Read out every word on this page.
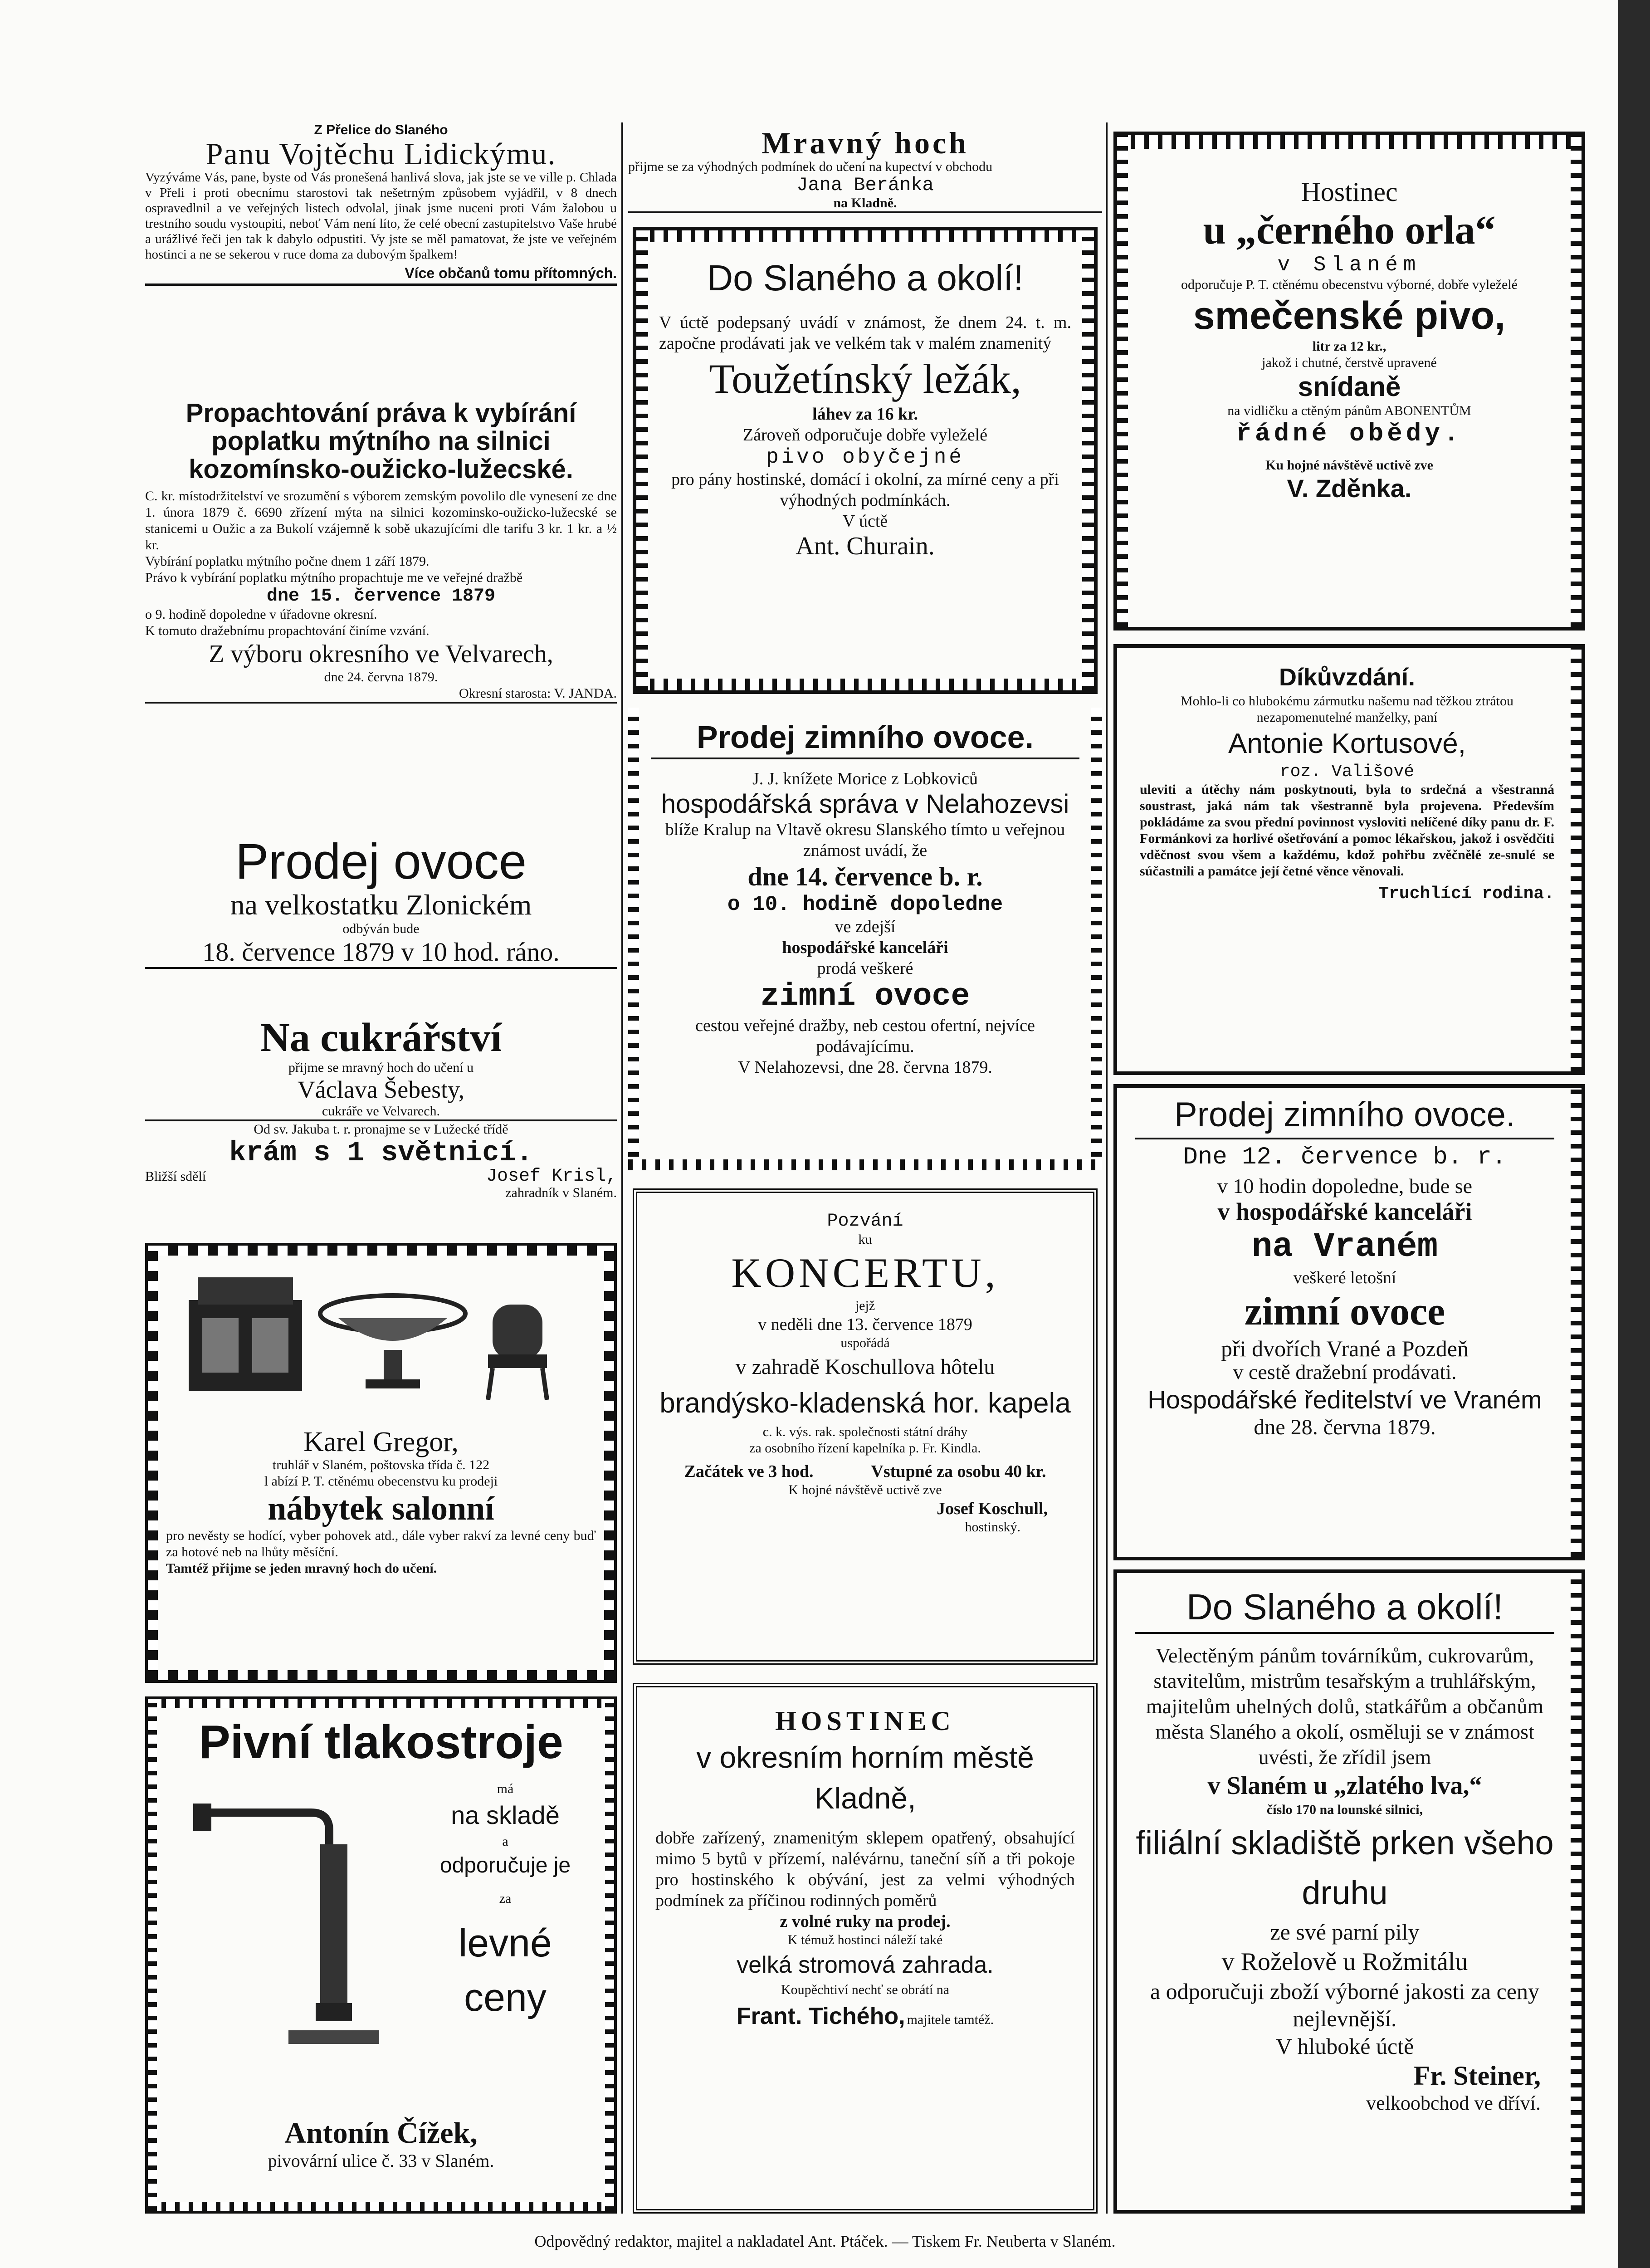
Z Přelice do Slaného
Panu Vojtěchu Lidickýmu.
Vyzýváme Vás, pane, byste od Vás pronešená hanlivá slova, jak jste se ve ville p. Chlada v Přeli i proti obecnímu starostovi tak nešetrným způsobem vyjádřil, v 8 dnech ospravedlnil a ve veřejných listech odvolal, jinak jsme nuceni proti Vám žalobou u trestního soudu vystoupiti, neboť Vám není líto, že celé obecní zastupitelstvo Vaše hrubé a urážlivé řeči jen tak k dabylo odpustiti. Vy jste se měl pamatovat, že jste ve veřejném hostinci a ne se sekerou v ruce doma za dubovým špalkem!
Více občanů tomu přítomných.
Propachtování práva k vybírání poplatku mýtního na silnici kozomínsko-oužicko-lužecské.
C. kr. místodržitelství ve srozumění s výborem zemským povolilo dle vynesení ze dne 1. února 1879 č. 6690 zřízení mýta na silnici kozominsko-oužicko-lužecské se stanicemi u Oužic a za Bukolí vzájemně k sobě ukazujícími dle tarifu 3 kr. 1 kr. a ½ kr.
Vybírání poplatku mýtního počne dnem 1 září 1879.
Právo k vybírání poplatku mýtního propachtuje me ve veřejné dražbě
dne 15. července 1879
o 9. hodině dopoledne v úřadovne okresní.
K tomuto dražebnímu propachtování činíme vzvání.
Z výboru okresního ve Velvarech,
dne 24. června 1879.
Okresní starosta: V. JANDA.
Prodej ovoce
na velkostatku Zlonickém
odbýván bude
18. července 1879 v 10 hod. ráno.
Na cukrářství
přijme se mravný hoch do učení u
Václava Šebesty,
cukráře ve Velvarech.
Od sv. Jakuba t. r. pronajme se v Lužecké třídě
krám s 1 světnicí.
Bližší sdělí	Josef Krisl,
zahradník v Slaném.
Karel Gregor,
truhlář v Slaném, poštovska třída č. 122
l abízí P. T. ctěnému obecenstvu ku prodeji
nábytek salonní
pro nevěsty se hodící, vyber pohovek atd., dále vyber rakví za levné ceny buď za hotové neb na lhůty měsíční.
Tamtéž přijme se jeden mravný hoch do učení.
Pivní tlakostroje
má
na skladě
a
odporučuje je
za
levné ceny
Antonín Čížek,
pivovární ulice č. 33 v Slaném.
Mravný hoch
přijme se za výhodných podmínek do učení na kupectví v obchodu
Jana Beránka
na Kladně.
Do Slaného a okolí!
V úctě podepsaný uvádí v známost, že dnem 24. t. m. započne prodávati jak ve velkém tak v malém znamenitý
Toužetínský ležák,
láhev za 16 kr.
Zároveň odporučuje dobře vyleželé
pivo obyčejné
pro pány hostinské, domácí i okolní, za mírné ceny a při výhodných podmínkách.
V úctě
Ant. Churain.
Prodej zimního ovoce.
J. J. knížete Morice z Lobkoviců
hospodářská správa v Nelahozevsi
blíže Kralup na Vltavě okresu Slanského tímto u veřejnou známost uvádí, že
dne 14. července b. r.
o 10. hodině dopoledne
ve zdejší
hospodářské kanceláři
prodá veškeré
zimní ovoce
cestou veřejné dražby, neb cestou ofertní, nejvíce podávajícímu.
V Nelahozevsi, dne 28. června 1879.
Pozvání
ku
KONCERTU,
jejž
v neděli dne 13. července 1879
uspořádá
v zahradě Koschullova hôtelu
brandýsko-kladenská hor. kapela
c. k. výs. rak. společnosti státní dráhy
za osobního řízení kapelníka p. Fr. Kindla.
Začátek ve 3 hod.	Vstupné za osobu 40 kr.
K hojné návštěvě uctivě zve
Josef Koschull,
hostinský.
HOSTINEC
v okresním horním městě Kladně,
dobře zařízený, znamenitým sklepem opatřený, obsahující mimo 5 bytů v přízemí, nalévárnu, taneční síň a tři pokoje pro hostinského k obývání, jest za velmi výhodných podmínek za příčinou rodinných poměrů
z volné ruky na prodej.
K témuž hostinci náleží také
velká stromová zahrada.
Koupěchtiví nechť se obrátí na
Frant. Tichého, majitele tamtéž.
Hostinec
u „černého orla“
v Slaném
odporučuje P. T. ctěnému obecenstvu výborné, dobře vyleželé
smečenské pivo,
litr za 12 kr.,
jakož i chutné, čerstvě upravené
snídaně
na vidličku a ctěným pánům ABONENTŮM
řádné obědy.
Ku hojné návštěvě uctivě zve
V. Zděnka.
Díkůvzdání.
Mohlo-li co hlubokému zármutku našemu nad těžkou ztrátou nezapomenutelné manželky, paní
Antonie Kortusové,
roz. Vališové
uleviti a útěchy nám poskytnouti, byla to srdečná a všestranná soustrast, jaká nám tak všestranně byla projevena. Především pokládáme za svou přední povinnost vysloviti nelíčené díky panu dr. F. Formánkovi za horlivé ošetřování a pomoc lékařskou, jakož i osvědčiti vděčnost svou všem a každému, kdož pohřbu zvěčnělé ze-snulé se súčastnili a památce její četné věnce věnovali.
Truchlící rodina.
Prodej zimního ovoce.
Dne 12. července b. r.
v 10 hodin dopoledne, bude se
v hospodářské kanceláři
na Vraném
veškeré letošní
zimní ovoce
při dvořích Vrané a Pozdeň
v cestě dražební prodávati.
Hospodářské ředitelství ve Vraném
dne 28. června 1879.
Do Slaného a okolí!
Velectěným pánům továrníkům, cukrovarům, stavitelům, mistrům tesařským a truhlářským, majitelům uhelných dolů, statkářům a občanům města Slaného a okolí, osměluji se v známost uvésti, že zřídil jsem
v Slaném u „zlatého lva,“
číslo 170 na lounské silnici,
filiální skladiště prken všeho druhu
ze své parní pily
v Roželově u Rožmitálu
a odporučuji zboží výborné jakosti za ceny nejlevnější.
V hluboké úctě
Fr. Steiner,
velkoobchod ve dříví.
Odpovědný redaktor, majitel a nakladatel Ant. Ptáček. — Tiskem Fr. Neuberta v Slaném.
